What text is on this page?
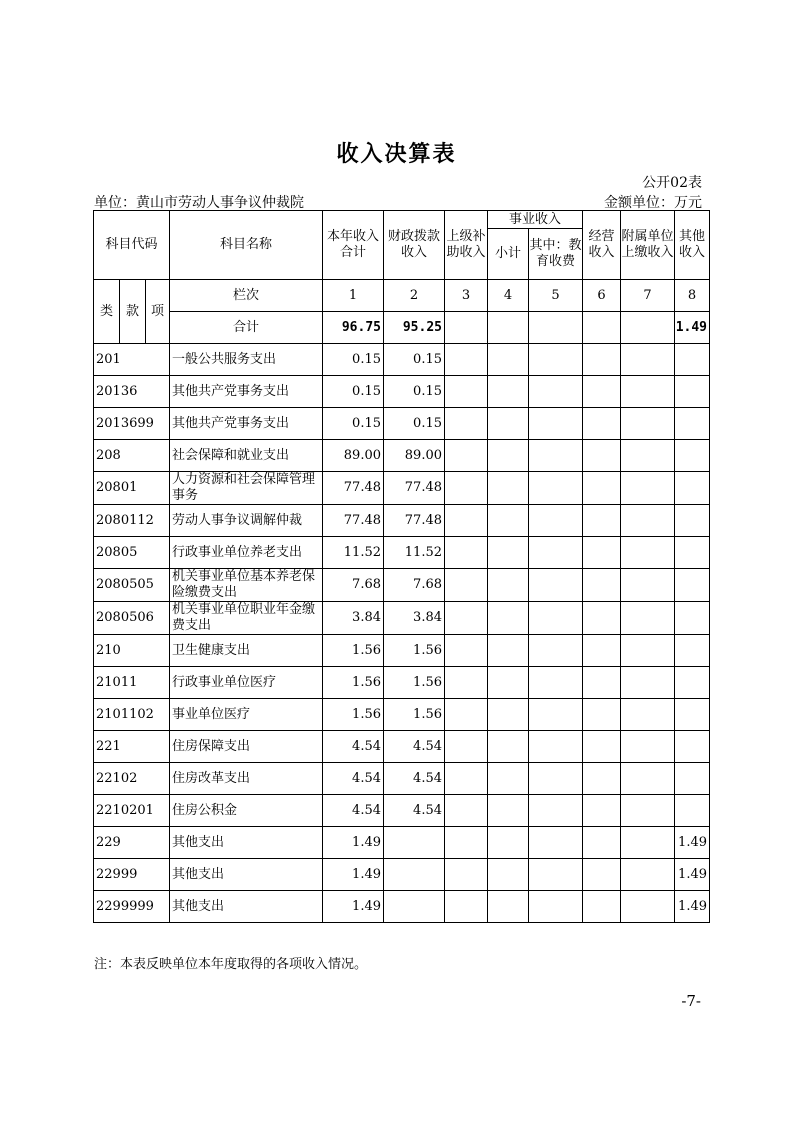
收入决算表
公开02表
单位：黄山市劳动人事争议仲裁院	金额单位：万元
科目代码			科目名称	本年收入合计	财政拨款收入	上级补助收入	事业收入		经营收入	附属单位上缴收入	其他收入
							小计	其中：教育收费			
类	款	项	栏次	1	2	3	4	5	6	7	8
			合计	96.75	95.25						1.49
201			一般公共服务支出	0.15	0.15						
20136			其他共产党事务支出	0.15	0.15						
2013699			其他共产党事务支出	0.15	0.15						
208			社会保障和就业支出	89.00	89.00						
20801			人力资源和社会保障管理事务	77.48	77.48						
2080112			劳动人事争议调解仲裁	77.48	77.48						
20805			行政事业单位养老支出	11.52	11.52						
2080505			机关事业单位基本养老保险缴费支出	7.68	7.68						
2080506			机关事业单位职业年金缴费支出	3.84	3.84						
210			卫生健康支出	1.56	1.56						
21011			行政事业单位医疗	1.56	1.56						
2101102			事业单位医疗	1.56	1.56						
221			住房保障支出	4.54	4.54						
22102			住房改革支出	4.54	4.54						
2210201			住房公积金	4.54	4.54						
229			其他支出	1.49							1.49
22999			其他支出	1.49							1.49
2299999			其他支出	1.49							1.49
注：本表反映单位本年度取得的各项收入情况。
-7-
